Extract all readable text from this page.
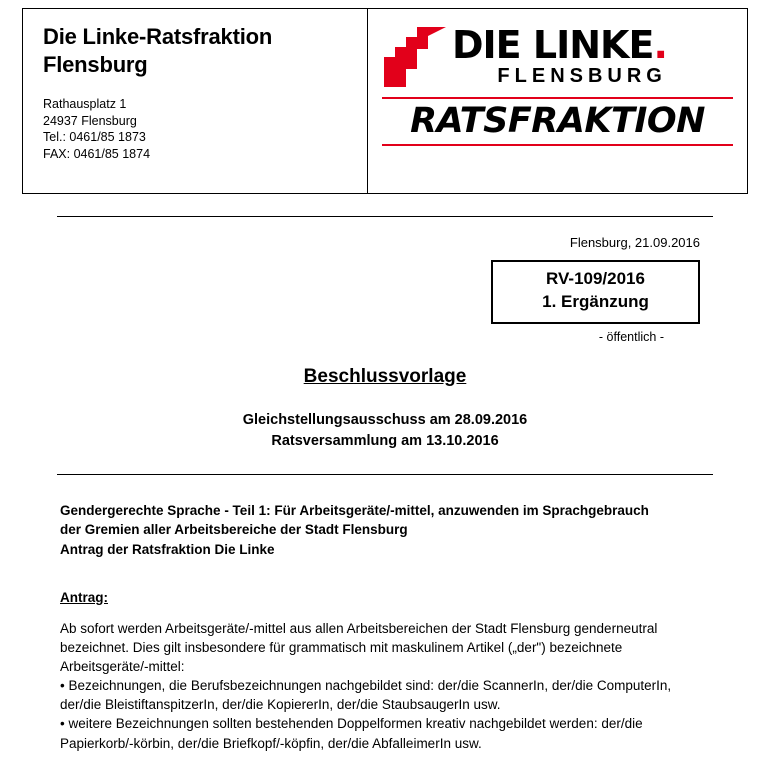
Die Linke-Ratsfraktion
Flensburg
Rathausplatz 1
24937 Flensburg
Tel.: 0461/85 1873
FAX: 0461/85 1874
DIE LINKE.
FLENSBURG
RATSFRAKTION
Flensburg, 21.09.2016
RV-109/2016
1. Ergänzung
- öffentlich -
Beschlussvorlage
Gleichstellungsausschuss am 28.09.2016
Ratsversammlung am 13.10.2016
Gendergerechte Sprache - Teil 1: Für Arbeitsgeräte/-mittel, anzuwenden im Sprachgebrauch
der Gremien aller Arbeitsbereiche der Stadt Flensburg
Antrag der Ratsfraktion Die Linke
Antrag:
Ab sofort werden Arbeitsgeräte/-mittel aus allen Arbeitsbereichen der Stadt Flensburg genderneutral bezeichnet. Dies gilt insbesondere für grammatisch mit maskulinem Artikel („der") bezeichnete Arbeitsgeräte/-mittel:
• Bezeichnungen, die Berufsbezeichnungen nachgebildet sind: der/die ScannerIn, der/die ComputerIn, der/die BleistiftanspitzerIn, der/die KopiererIn, der/die StaubsaugerIn usw.
• weitere Bezeichnungen sollten bestehenden Doppelformen kreativ nachgebildet werden: der/die Papierkorb/-körbin, der/die Briefkopf/-köpfin, der/die AbfalleimerIn usw.
